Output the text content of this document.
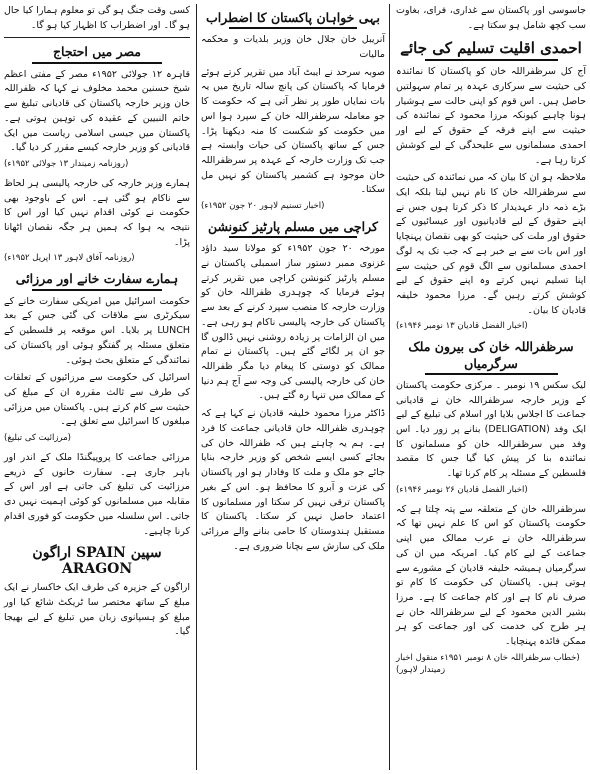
جاسوسی اور پاکستان سے غداری، فرای، بغاوت سب کچھ شامل ہو سکتا ہے۔

احمدی اقلیت تسلیم کی جائے

آج کل سرظفراللہ خان کو پاکستان کا نمائندہ کی حیثیت سے سرکاری عہدہ پر تمام سہولتیں حاصل ہیں۔ اس قوم کو اپنی حالت سے ہوشیار ہونا چاہیے کیونکہ مرزا محمود کے نمائندہ کی حیثیت سے اپنے فرقہ کے حقوق کے لیے اور احمدی مسلمانوں سے علیحدگی کے لیے کوشش کرتا رہا ہے۔

ملاحظہ ہو ان کا بیان کہ میں نمائندہ کی حیثیت سے سرظفراللہ خان کا نام نہیں لیتا بلکہ ایک بڑے ذمہ دار عہدیدار کا ذکر کرتا ہوں جس نے اپنے حقوق کے لیے قادیانیوں اور عیسائیوں کے حقوق اور ملت کی حیثیت کو بھی نقصان پہنچایا اور اس بات سے بے خبر ہے کہ جب تک یہ لوگ احمدی مسلمانوں سے الگ قوم کی حیثیت سے اپنا تسلیم نہیں کرتے وہ اپنے حقوق کے لیے کوشش کرتے رہیں گے۔ مرزا محمود خلیفہ قادیان کا بیان۔

(اخبار الفضل قادیان ۱۳ نومبر ۱۹۴۶ء)

سرظفراللہ خان کی بیرون ملک سرگرمیاں

لیک سکس ۱۹ نومبر ۔ مرکزی حکومت پاکستان کے وزیر خارجہ سرظفراللہ خان نے قادیانی جماعت کا اجلاس بلایا اور اسلام کی تبلیغ کے لیے ایک وفد (DELIGATION) بنانے پر زور دیا۔ اس وفد میں سرظفراللہ خان کو مسلمانوں کا نمائندہ بنا کر پیش کیا گیا جس کا مقصد فلسطین کے مسئلہ پر کام کرنا تھا۔

(اخبار الفضل قادیان ۲۶ نومبر ۱۹۴۶ء)

سرظفراللہ خان کے متعلقہ سے پتہ چلتا ہے کہ حکومت پاکستان کو اس کا علم نہیں تھا کہ سرظفراللہ خان نے عرب ممالک میں اپنی جماعت کے لیے کام کیا۔ امریکہ میں ان کی سرگرمیاں ہمیشہ خلیفہ قادیان کے مشورے سے ہوتی ہیں۔ پاکستان کی حکومت کا کام تو صرف نام کا ہے اور کام جماعت کا ہے۔ مرزا بشیر الدین محمود کے لیے سرظفراللہ خان نے ہر طرح کی خدمت کی اور جماعت کو ہر ممکن فائدہ پہنچایا۔

(خطاب سرظفراللہ خان ۸ نومبر ۱۹۵۱ء منقول اخبار زمیندار لاہور)

بہی خواہان پاکستان کا اضطراب

آنریبل خان جلال خان وزیر بلدیات و محکمہ مالیات

صوبہ سرحد نے ایبٹ آباد میں تقریر کرتے ہوئے فرمایا کہ پاکستان کی پانچ سالہ تاریخ میں یہ بات نمایاں طور پر نظر آتی ہے کہ حکومت کا جو معاملہ سرظفراللہ خان کے سپرد ہوا اس میں حکومت کو شکست کا منہ دیکھنا پڑا۔ جس کے ساتھ پاکستان کی حیات وابستہ ہے جب تک وزارت خارجہ کے عہدہ پر سرظفراللہ خان موجود ہے کشمیر پاکستان کو نہیں مل سکتا۔

(اخبار تسنیم لاہور ۲۰ جون ۱۹۵۲ء)

کراچی میں مسلم پارٹیز کنونشن

مورخہ ۲۰ جون ۱۹۵۲ء کو مولانا سید داؤد غزنوی ممبر دستور ساز اسمبلی پاکستان نے مسلم پارٹیز کنونشن کراچی میں تقریر کرتے ہوئے فرمایا کہ چوہدری ظفراللہ خان کو وزارت خارجہ کا منصب سپرد کرنے کے بعد سے پاکستان کی خارجہ پالیسی ناکام ہو رہی ہے۔ میں ان الزامات پر زیادہ روشنی نہیں ڈالوں گا جو ان پر لگائے گئے ہیں۔ پاکستان نے تمام ممالک کو دوستی کا پیغام دیا مگر ظفراللہ خان کی خارجہ پالیسی کی وجہ سے آج ہم دنیا کے ممالک میں تنہا رہ گئے ہیں۔

ڈاکٹر مرزا محمود خلیفہ قادیان نے کہا ہے کہ چوہدری ظفراللہ خان قادیانی جماعت کا فرد ہے۔ ہم یہ چاہتے ہیں کہ ظفراللہ خان کی بجائے کسی ایسے شخص کو وزیر خارجہ بنایا جائے جو ملک و ملت کا وفادار ہو اور پاکستان کی عزت و آبرو کا محافظ ہو۔ اس کے بغیر پاکستان ترقی نہیں کر سکتا اور مسلمانوں کا اعتماد حاصل نہیں کر سکتا۔ پاکستان کا مستقبل ہندوستان کا حامی بنانے والے مرزائی ملک کی سازش سے بچانا ضروری ہے۔

کسی وقت جنگ ہو گی تو معلوم ہمارا کیا حال ہو گا۔ اور اضطراب کا اظہار کیا ہو گا۔

مصر میں احتجاج

قاہرہ ۱۲ جولائی ۱۹۵۲ء مصر کے مفتی اعظم شیخ حسنین محمد مخلوف نے کہا کہ ظفراللہ خان وزیر خارجہ پاکستان کی قادیانی تبلیغ سے خاتم النبیین کے عقیدہ کی توہین ہوتی ہے۔ پاکستان میں جیسی اسلامی ریاست میں ایک قادیانی کو وزیر خارجہ کیسے مقرر کر دیا گیا۔

(روزنامہ زمیندار ۱۳ جولائی ۱۹۵۲ء)

ہمارے وزیر خارجہ کی خارجہ پالیسی ہر لحاظ سے ناکام ہو گئی ہے۔ اس کے باوجود بھی حکومت نے کوئی اقدام نہیں کیا اور اس کا نتیجہ یہ ہوا کہ ہمیں ہر جگہ نقصان اٹھانا پڑا۔

(روزنامہ آفاق لاہور ۱۳ اپریل ۱۹۵۲ء)

ہمارے سفارت خانے اور مرزائی

حکومت اسرائیل میں امریکی سفارت خانے کے سیکرٹری سے ملاقات کی گئی جس کے بعد LUNCH پر بلایا۔ اس موقعہ پر فلسطین کے متعلق مسئلہ پر گفتگو ہوئی اور پاکستان کی نمائندگی کے متعلق بحث ہوئی۔

اسرائیل کی حکومت سے مرزائیوں کے تعلقات کی طرف سے ثالث مقررہ ان کے مبلغ کی حیثیت سے کام کرتے ہیں۔ پاکستان میں مرزائی مبلغوں کا اسرائیل سے تعلق ہے۔

(مرزائیت کی تبلیغ)

مرزائی جماعت کا پروپیگنڈا ملک کے اندر اور باہر جاری ہے۔ سفارت خانوں کے ذریعے مرزائیت کی تبلیغ کی جاتی ہے اور اس کے مقابلہ میں مسلمانوں کو کوئی اہمیت نہیں دی جاتی۔ اس سلسلہ میں حکومت کو فوری اقدام کرنا چاہیے۔

سپین SPAIN اراگون ARAGON

اراگون کے جزیرہ کی طرف ایک خاکسار نے ایک مبلغ کے ساتھ مختصر سا ٹریکٹ شائع کیا اور مبلغ کو ہسپانوی زبان میں تبلیغ کے لیے بھیجا گیا۔
